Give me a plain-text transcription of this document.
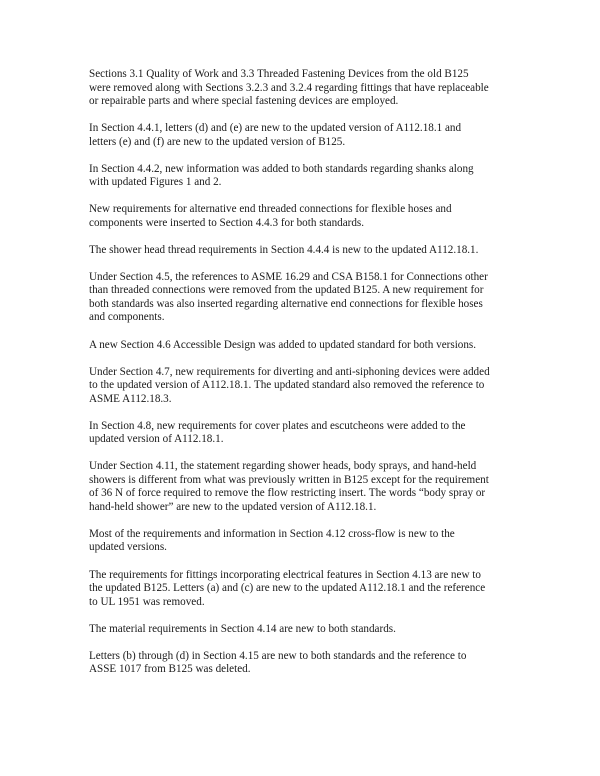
Sections 3.1 Quality of Work and 3.3 Threaded Fastening Devices from the old B125
were removed along with Sections 3.2.3 and 3.2.4 regarding fittings that have replaceable
or repairable parts and where special fastening devices are employed.

In Section 4.4.1, letters (d) and (e) are new to the updated version of A112.18.1 and
letters (e) and (f) are new to the updated version of B125.

In Section 4.4.2, new information was added to both standards regarding shanks along
with updated Figures 1 and 2.

New requirements for alternative end threaded connections for flexible hoses and
components were inserted to Section 4.4.3 for both standards.

The shower head thread requirements in Section 4.4.4 is new to the updated A112.18.1.

Under Section 4.5, the references to ASME 16.29 and CSA B158.1 for Connections other
than threaded connections were removed from the updated B125. A new requirement for
both standards was also inserted regarding alternative end connections for flexible hoses
and components.

A new Section 4.6 Accessible Design was added to updated standard for both versions.

Under Section 4.7, new requirements for diverting and anti-siphoning devices were added
to the updated version of A112.18.1. The updated standard also removed the reference to
ASME A112.18.3.

In Section 4.8, new requirements for cover plates and escutcheons were added to the
updated version of A112.18.1.

Under Section 4.11, the statement regarding shower heads, body sprays, and hand-held
showers is different from what was previously written in B125 except for the requirement
of 36 N of force required to remove the flow restricting insert. The words “body spray or
hand-held shower” are new to the updated version of A112.18.1.

Most of the requirements and information in Section 4.12 cross-flow is new to the
updated versions.

The requirements for fittings incorporating electrical features in Section 4.13 are new to
the updated B125. Letters (a) and (c) are new to the updated A112.18.1 and the reference
to UL 1951 was removed.

The material requirements in Section 4.14 are new to both standards.

Letters (b) through (d) in Section 4.15 are new to both standards and the reference to
ASSE 1017 from B125 was deleted.
